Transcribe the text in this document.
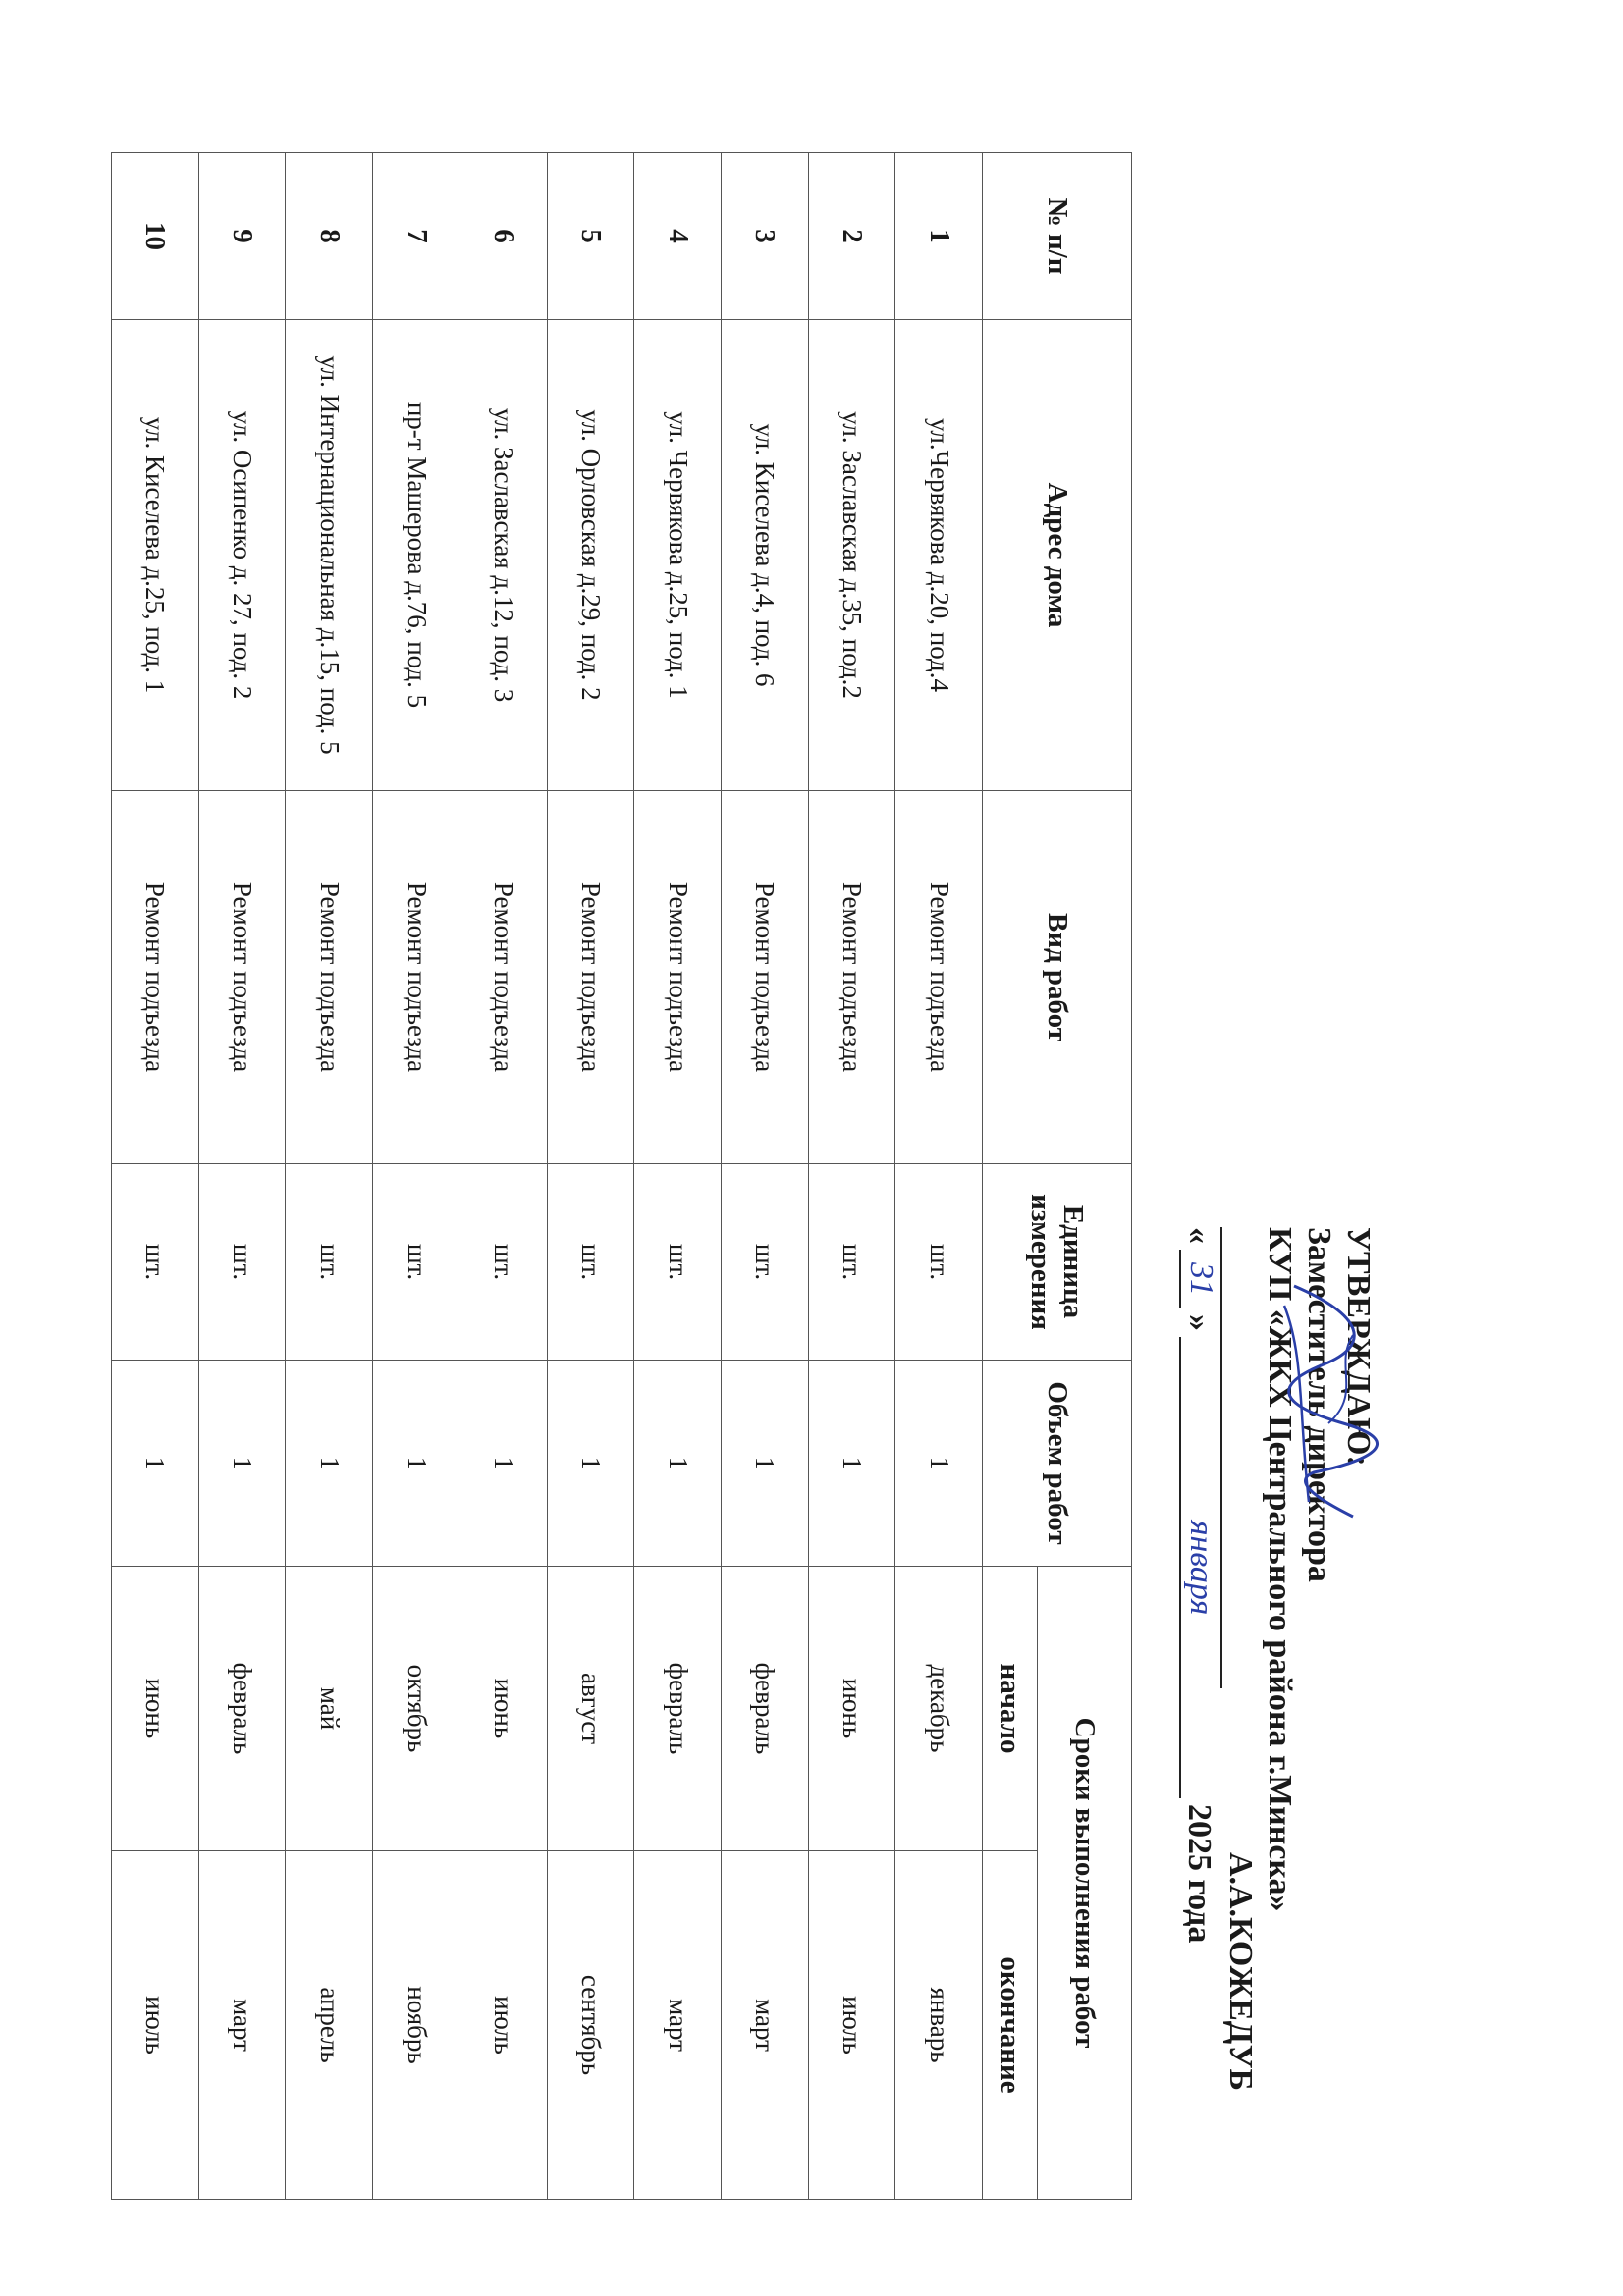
УТВЕРЖДАЮ:
Заместитель директора
КУП «ЖКХ Центрального района г.Минска»
А.А.КОЖЕДУБ
«
31
»
января
2025 года
№ п/п	Адрес дома	Вид работ	Единица измерения	Объем работ	Сроки выполнения работ	
					начало	окончание
1	ул.Червякова д.20, под.4	Ремонт подъезда	шт.	1	декабрь	январь
2	ул. Заславская д.35, под.2	Ремонт подъезда	шт.	1	июнь	июль
3	ул. Киселева д.4, под. 6	Ремонт подъезда	шт.	1	февраль	март
4	ул. Червякова д.25, под. 1	Ремонт подъезда	шт.	1	февраль	март
5	ул. Орловская д.29, под. 2	Ремонт подъезда	шт.	1	август	сентябрь
6	ул. Заславская д.12, под. 3	Ремонт подъезда	шт.	1	июнь	июль
7	пр-т Машерова д.76, под. 5	Ремонт подъезда	шт.	1	октябрь	ноябрь
8	ул. Интернациональная д.15, под. 5	Ремонт подъезда	шт.	1	май	апрель
9	ул. Осипенко д. 27, под. 2	Ремонт подъезда	шт.	1	февраль	март
10	ул. Киселева д.25, под. 1	Ремонт подъезда	шт.	1	июнь	июль
